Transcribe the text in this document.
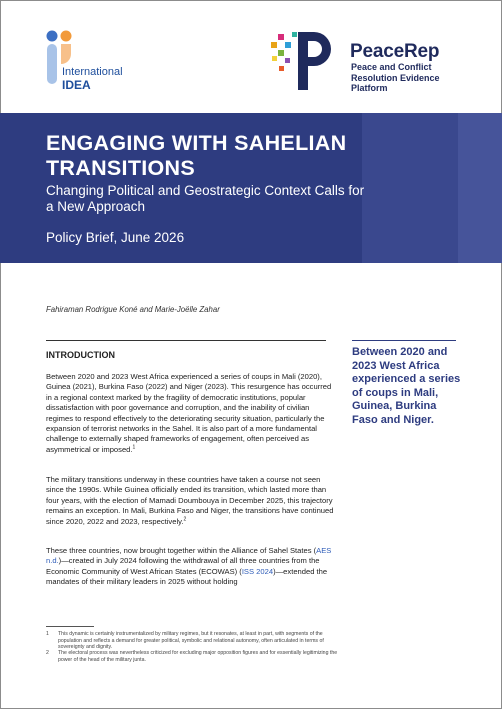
International
IDEA
PeaceRep
Peace and Conflict
Resolution Evidence
Platform
ENGAGING WITH SAHELIAN
TRANSITIONS
Changing Political and Geostrategic Context Calls for a New Approach
Policy Brief, June 2026
Fahiraman Rodrigue Koné and Marie-Joëlle Zahar
INTRODUCTION	Between 2020 and 2023 West Africa experienced a series of coups in Mali, Guinea, Burkina Faso and Niger.
Between 2020 and 2023 West Africa experienced a series of coups in Mali (2020), Guinea (2021), Burkina Faso (2022) and Niger (2023). This resurgence has occurred in a regional context marked by the fragility of democratic institutions, popular dissatisfaction with poor governance and corruption, and the inability of civilian regimes to respond effectively to the deteriorating security situation, particularly the expansion of terrorist networks in the Sahel. It is also part of a more fundamental challenge to externally shaped frameworks of engagement, often perceived as asymmetrical or imposed.$^1$
The military transitions underway in these countries have taken a course not seen since the 1990s. While Guinea officially ended its transition, which lasted more than four years, with the election of Mamadi Doumbouya in December 2025, this trajectory remains an exception. In Mali, Burkina Faso and Niger, the transitions have continued since 2020, 2022 and 2023, respectively.$^2$
These three countries, now brought together within the Alliance of Sahel States (AES n.d.)—created in July 2024 following the withdrawal of all three countries from the Economic Community of West African States (ECOWAS) (ISS 2024)—extended the mandates of their military leaders in 2025 without holding
1 This dynamic is certainly instrumentalized by military regimes, but it resonates, at least in part, with segments of the population and reflects a demand for greater political, symbolic and relational autonomy, often articulated in terms of sovereignty and dignity.
2 The electoral process was nevertheless criticized for excluding major opposition figures and for essentially legitimizing the power of the head of the military junta.
